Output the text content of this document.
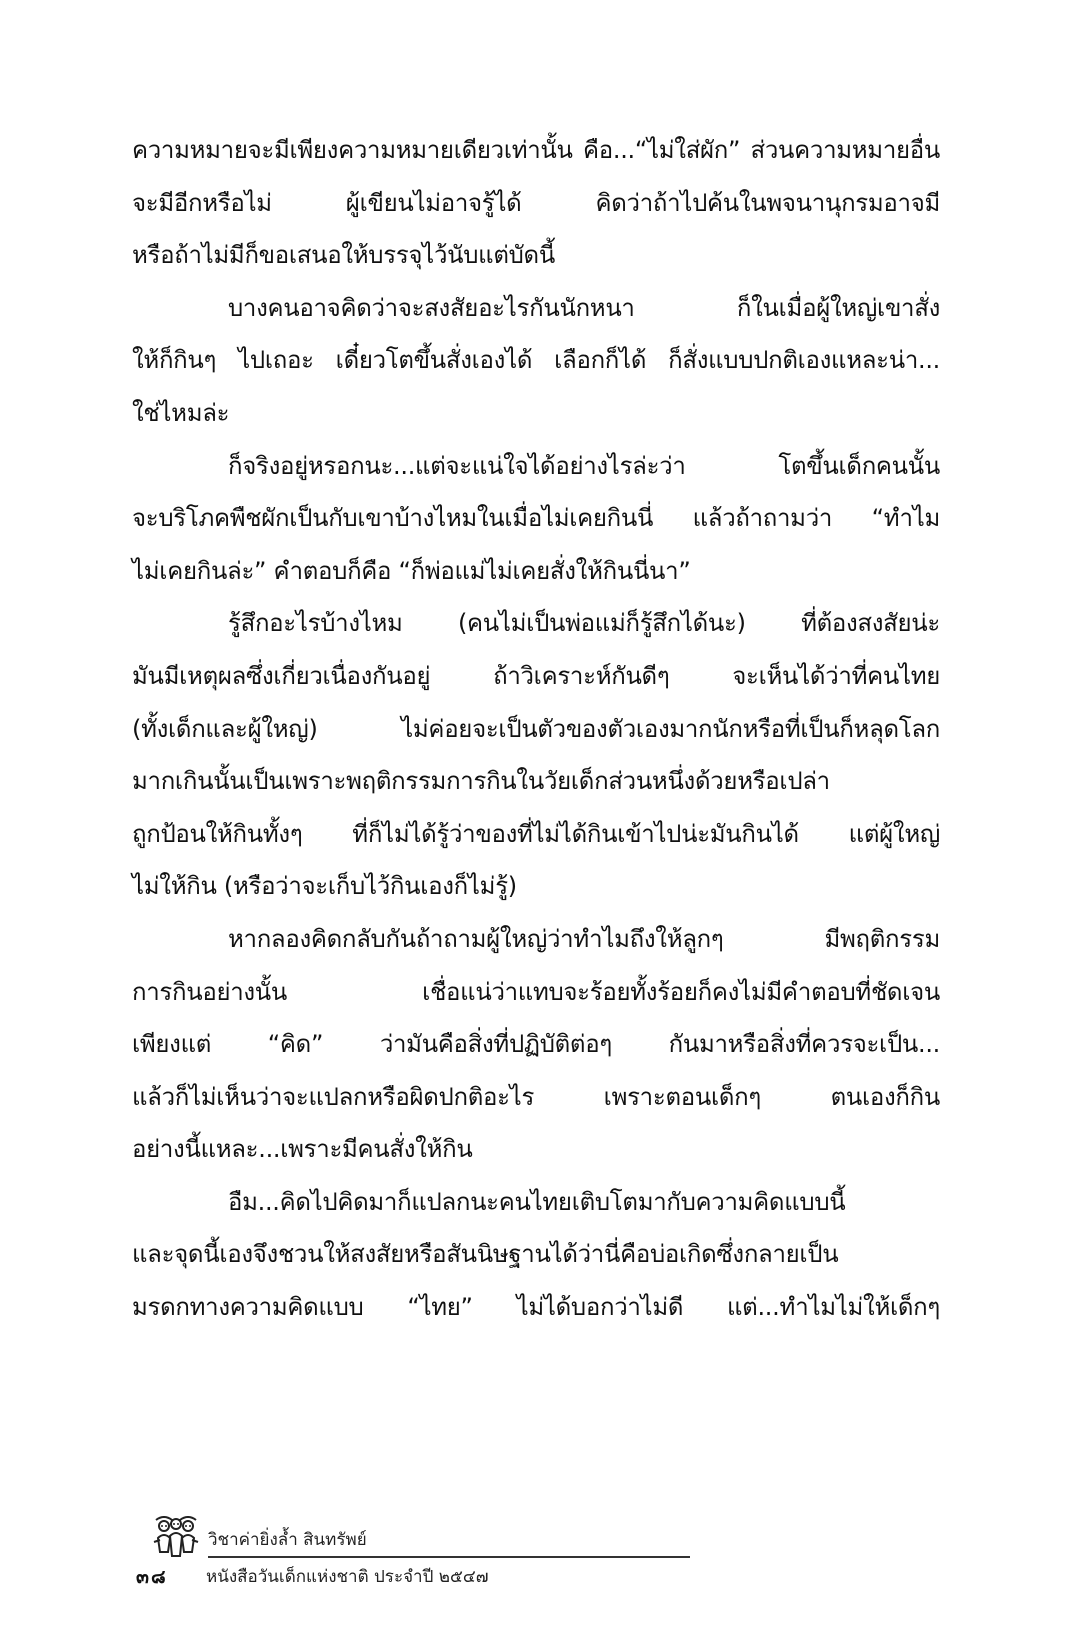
ความหมายจะมีเพียงความหมายเดียวเท่านั้น คือ...“ไม่ใส่ผัก” ส่วนความหมายอื่น
จะมีอีกหรือไม่ ผู้เขียนไม่อาจรู้ได้ คิดว่าถ้าไปค้นในพจนานุกรมอาจมี
หรือถ้าไม่มีก็ขอเสนอให้บรรจุไว้นับแต่บัดนี้
บางคนอาจคิดว่าจะสงสัยอะไรกันนักหนา ก็ในเมื่อผู้ใหญ่เขาสั่ง
ให้ก็กินๆ ไปเถอะ เดี๋ยวโตขึ้นสั่งเองได้ เลือกก็ได้ ก็สั่งแบบปกติเองแหละน่า...
ใช่ไหมล่ะ
ก็จริงอยู่หรอกนะ...แต่จะแน่ใจได้อย่างไรล่ะว่า โตขึ้นเด็กคนนั้น
จะบริโภคพืชผักเป็นกับเขาบ้างไหมในเมื่อไม่เคยกินนี่ แล้วถ้าถามว่า “ทำไม
ไม่เคยกินล่ะ” คำตอบก็คือ “ก็พ่อแม่ไม่เคยสั่งให้กินนี่นา”
รู้สึกอะไรบ้างไหม (คนไม่เป็นพ่อแม่ก็รู้สึกได้นะ) ที่ต้องสงสัยน่ะ
มันมีเหตุผลซึ่งเกี่ยวเนื่องกันอยู่ ถ้าวิเคราะห์กันดีๆ จะเห็นได้ว่าที่คนไทย
(ทั้งเด็กและผู้ใหญ่) ไม่ค่อยจะเป็นตัวของตัวเองมากนักหรือที่เป็นก็หลุดโลก
มากเกินนั้นเป็นเพราะพฤติกรรมการกินในวัยเด็กส่วนหนึ่งด้วยหรือเปล่า
ถูกป้อนให้กินทั้งๆ ที่ก็ไม่ได้รู้ว่าของที่ไม่ได้กินเข้าไปน่ะมันกินได้ แต่ผู้ใหญ่
ไม่ให้กิน (หรือว่าจะเก็บไว้กินเองก็ไม่รู้)
หากลองคิดกลับกันถ้าถามผู้ใหญ่ว่าทำไมถึงให้ลูกๆ มีพฤติกรรม
การกินอย่างนั้น เชื่อแน่ว่าแทบจะร้อยทั้งร้อยก็คงไม่มีคำตอบที่ชัดเจน
เพียงแต่ “คิด” ว่ามันคือสิ่งที่ปฏิบัติต่อๆ กันมาหรือสิ่งที่ควรจะเป็น...
แล้วก็ไม่เห็นว่าจะแปลกหรือผิดปกติอะไร เพราะตอนเด็กๆ ตนเองก็กิน
อย่างนี้แหละ...เพราะมีคนสั่งให้กิน
อืม...คิดไปคิดมาก็แปลกนะคนไทยเติบโตมากับความคิดแบบนี้
และจุดนี้เองจึงชวนให้สงสัยหรือสันนิษฐานได้ว่านี่คือบ่อเกิดซึ่งกลายเป็น
มรดกทางความคิดแบบ “ไทย” ไม่ได้บอกว่าไม่ดี แต่...ทำไมไม่ให้เด็กๆ
วิชาค่ายิ่งล้ำ สินทรัพย์
๓๘ หนังสือวันเด็กแห่งชาติ ประจำปี ๒๕๔๗
